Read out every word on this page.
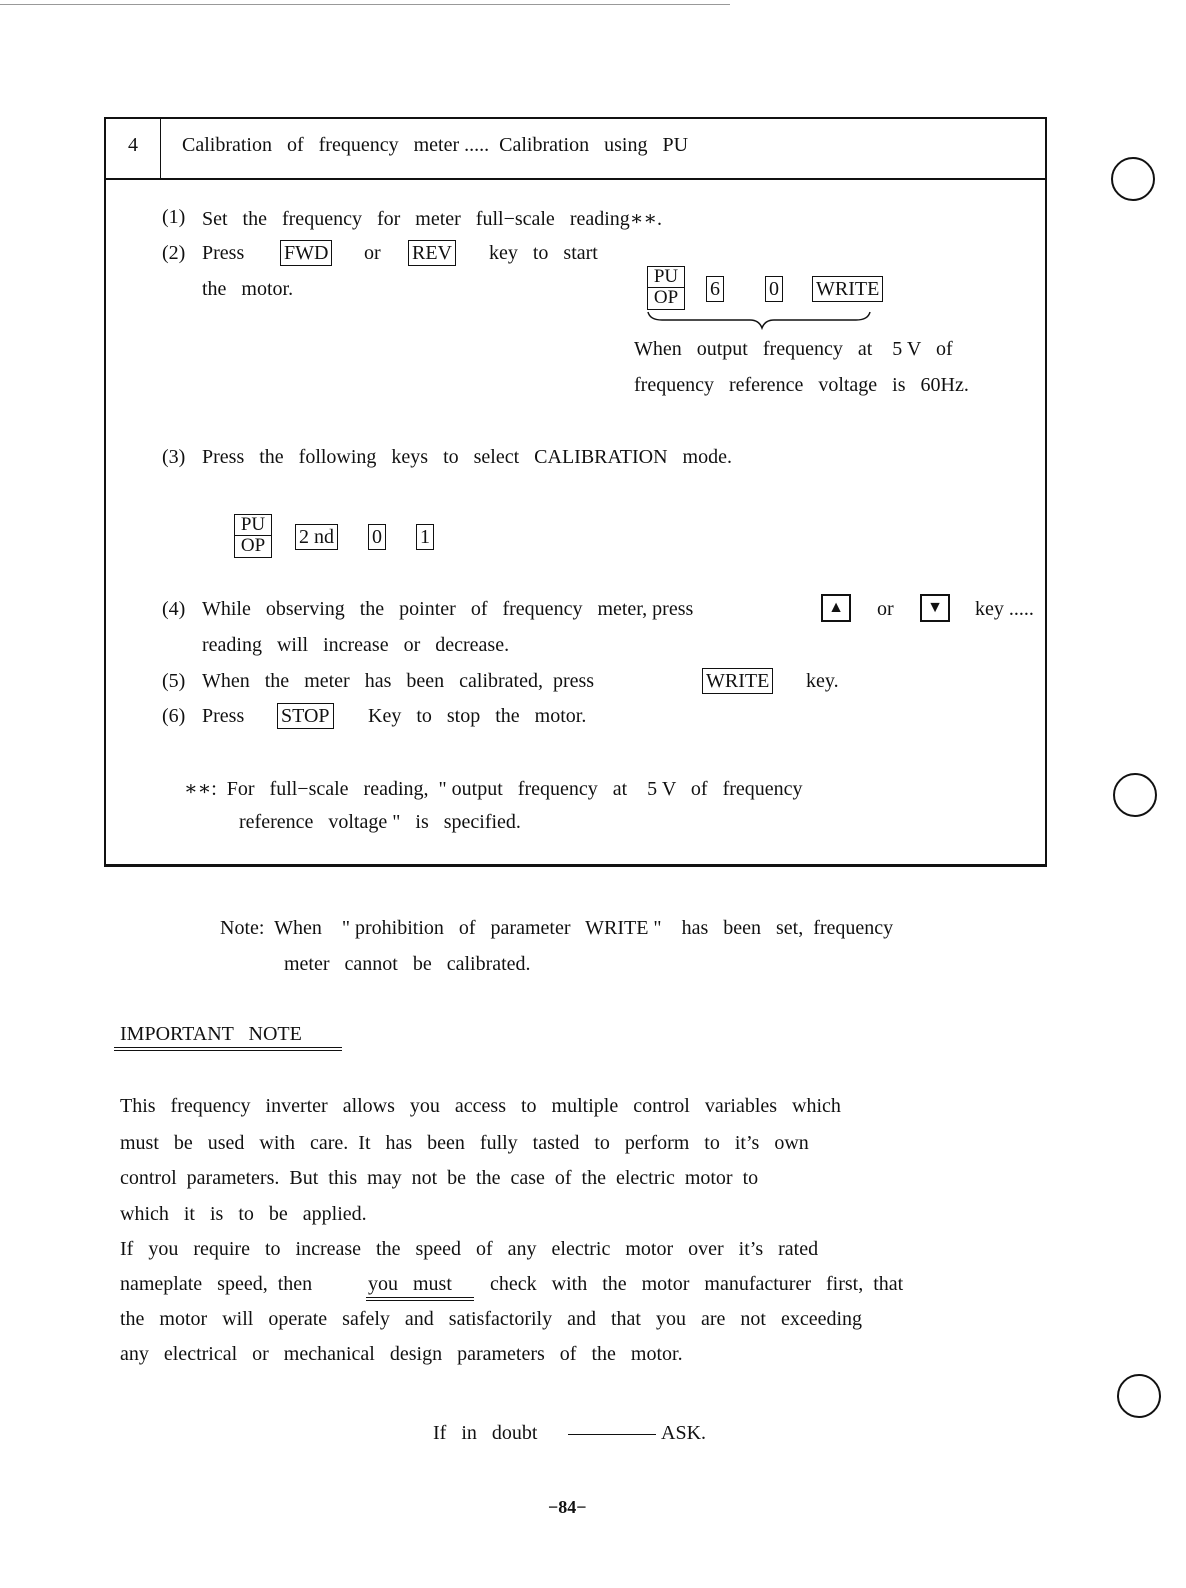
4 Calibration   of   frequency   meter .....  Calibration   using   PU
(1) Set   the   frequency   for   meter   full−scale   reading∗∗.
(2) Press FWD or REV key   to   start
the   motor.
PU
OP 6 0 WRITE
When   output   frequency   at    5 V   of
frequency   reference   voltage   is   60Hz.
(3) Press   the   following   keys   to   select   CALIBRATION   mode.
PU
OP 2 nd 0 1
(4) While   observing   the   pointer   of   frequency   meter, press	▲ or ▼ key .....
reading   will   increase   or   decrease.
(5) When   the   meter   has   been   calibrated,  press	WRITE key.
(6) Press STOP Key   to   stop   the   motor.
∗∗:  For   full−scale   reading,  " output   frequency   at    5 V   of   frequency
reference   voltage "   is   specified.
Note:  When    " prohibition   of   parameter   WRITE "    has   been   set,  frequency
meter   cannot   be   calibrated.
IMPORTANT   NOTE
This   frequency   inverter   allows   you   access   to   multiple   control   variables   which
must   be   used   with   care.  It   has   been   fully   tasted   to   perform   to   it’s   own
control  parameters.  But  this  may  not  be  the  case  of  the  electric  motor  to
which   it   is   to   be   applied.
If   you   require   to   increase   the   speed   of   any   electric   motor   over   it’s   rated
nameplate   speed,  then	you   must check   with   the   motor   manufacturer   first,  that
the   motor   will   operate   safely   and   satisfactorily   and   that   you   are   not   exceeding
any   electrical   or   mechanical   design   parameters   of   the   motor.
If   in   doubt	ASK.
−84−
